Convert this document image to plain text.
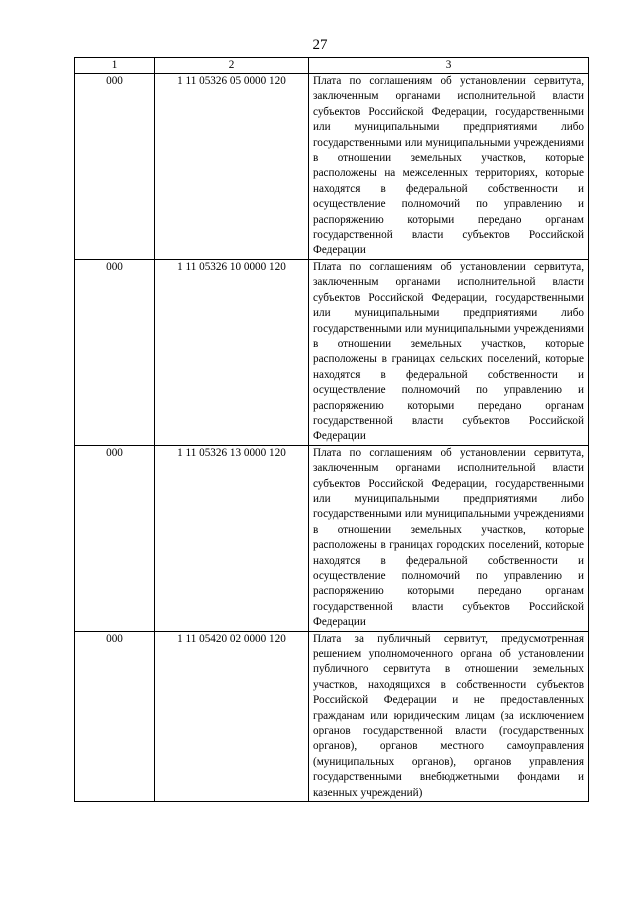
27
1	2	3
000	1 11 05326 05 0000 120	Плата по соглашениям об установлении сервитута, заключенным органами исполнительной власти субъектов Российской Федерации, государственными или муниципальными предприятиями либо государственными или муниципальными учреждениями в отношении земельных участков, которые расположены на межселенных территориях, которые находятся в федеральной собственности и осуществление полномочий по управлению и распоряжению которыми передано органам государственной власти субъектов Российской Федерации
000	1 11 05326 10 0000 120	Плата по соглашениям об установлении сервитута, заключенным органами исполнительной власти субъектов Российской Федерации, государственными или муниципальными предприятиями либо государственными или муниципальными учреждениями в отношении земельных участков, которые расположены в границах сельских поселений, которые находятся в федеральной собственности и осуществление полномочий по управлению и распоряжению которыми передано органам государственной власти субъектов Российской Федерации
000	1 11 05326 13 0000 120	Плата по соглашениям об установлении сервитута, заключенным органами исполнительной власти субъектов Российской Федерации, государственными или муниципальными предприятиями либо государственными или муниципальными учреждениями в отношении земельных участков, которые расположены в границах городских поселений, которые находятся в федеральной собственности и осуществление полномочий по управлению и распоряжению которыми передано органам государственной власти субъектов Российской Федерации
000	1 11 05420 02 0000 120	Плата за публичный сервитут, предусмотренная решением уполномоченного органа об установлении публичного сервитута в отношении земельных участков, находящихся в собственности субъектов Российской Федерации и не предоставленных гражданам или юридическим лицам (за исключением органов государственной власти (государственных органов), органов местного самоуправления (муниципальных органов), органов управления государственными внебюджетными фондами и казенных учреждений)
